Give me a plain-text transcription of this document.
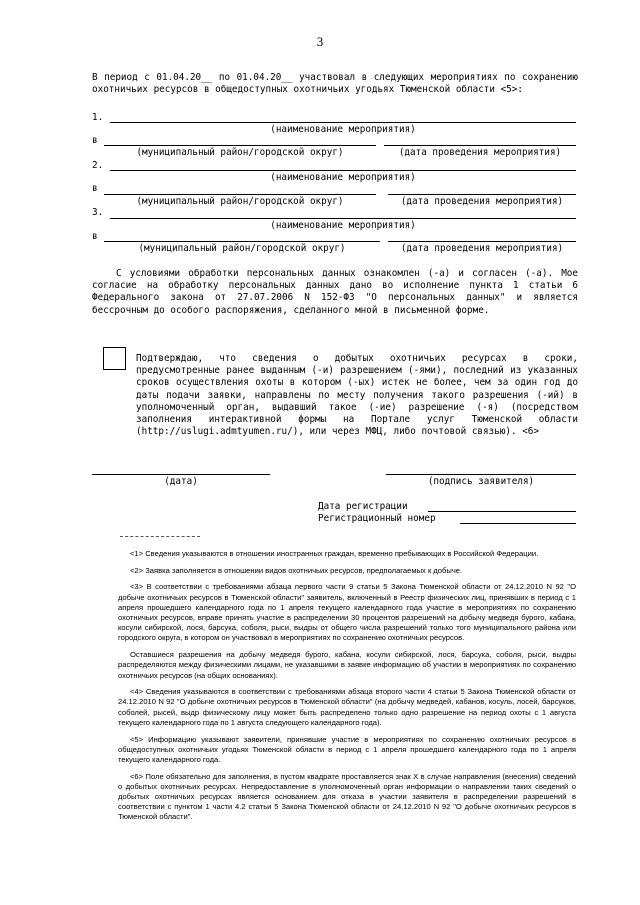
3
В период с 01.04.20__ по 01.04.20__ участвовал в следующих мероприятиях по сохранению охотничьих ресурсов в общедоступных охотничьих угодьях Тюменской области <5>:
1.
(наименование мероприятия)
в
(муниципальный район/городской округ)	(дата проведения мероприятия)
2.
(наименование мероприятия)
в
(муниципальный район/городской округ)	(дата проведения мероприятия)
3.
(наименование мероприятия)
в
(муниципальный район/городской округ)	(дата проведения мероприятия)
С условиями обработки персональных данных ознакомлен (-а) и согласен (-а). Мое согласие на обработку персональных данных дано во исполнение пункта 1 статьи 6 Федерального закона от 27.07.2006 N 152-ФЗ "О персональных данных" и является бессрочным до особого распоряжения, сделанного мной в письменной форме.
Подтверждаю, что сведения о добытых охотничьих ресурсах в сроки, предусмотренные ранее выданным (-и) разрешением (-ями), последний из указанных сроков осуществления охоты в котором (-ых) истек не более, чем за один год до даты подачи заявки, направлены по месту получения такого разрешения (-ий) в уполномоченный орган, выдавший такое (-ие) разрешение (-я) (посредством заполнения интерактивной формы на Портале услуг Тюменской области (http://uslugi.admtyumen.ru/), или через МФЦ, либо почтовой связью). <6>
(дата)	(подпись заявителя)
Дата регистрации
Регистрационный номер

<1> Сведения указываются в отношении иностранных граждан, временно пребывающих в Российской Федерации.

<2> Заявка заполняется в отношении видов охотничьих ресурсов, предполагаемых к добыче.

<3> В соответствии с требованиями абзаца первого части 9 статьи 5 Закона Тюменской области от 24.12.2010 N 92 "О добыче охотничьих ресурсов в Тюменской области" заявитель, включенный в Реестр физических лиц, принявших в период с 1 апреля прошедшего календарного года по 1 апреля текущего календарного года участие в мероприятиях по сохранению охотничьих ресурсов, вправе принять участие в распределении 30 процентов разрешений на добычу медведя бурого, кабана, косули сибирской, лося, барсука, соболя, рыси, выдры от общего числа разрешений только того муниципального района или городского округа, в котором он участвовал в мероприятиях по сохранению охотничьих ресурсов.

Оставшиеся разрешения на добычу медведя бурого, кабана, косули сибирской, лося, барсука, соболя, рыси, выдры распределяются между физическими лицами, не указавшими в заявке информацию об участии в мероприятиях по сохранению охотничьих ресурсов (на общих основаниях).

<4> Сведения указываются в соответствии с требованиями абзаца второго части 4 статьи 5 Закона Тюменской области от 24.12.2010 N 92 "О добыче охотничьих ресурсов в Тюменской области" (на добычу медведей, кабанов, косуль, лосей, барсуков, соболей, рысей, выдр физическому лицу может быть распределено только одно разрешение на период охоты с 1 августа текущего календарного года по 1 августа следующего календарного года).

<5> Информацию указывают заявители, принявшие участие в мероприятиях по сохранению охотничьих ресурсов в общедоступных охотничьих угодьях Тюменской области в период с 1 апреля прошедшего календарного года по 1 апреля текущего календарного года.

<6> Поле обязательно для заполнения, в пустом квадрате проставляется знак X в случае направления (внесения) сведений о добытых охотничьих ресурсах. Непредоставление в уполномоченный орган информации о направлении таких сведений о добытых охотничьих ресурсах является основанием для отказа в участии заявителя в распределении разрешений в соответствии с пунктом 1 части 4.2 статьи 5 Закона Тюменской области от 24.12.2010 N 92 "О добыче охотничьих ресурсов в Тюменской области".
